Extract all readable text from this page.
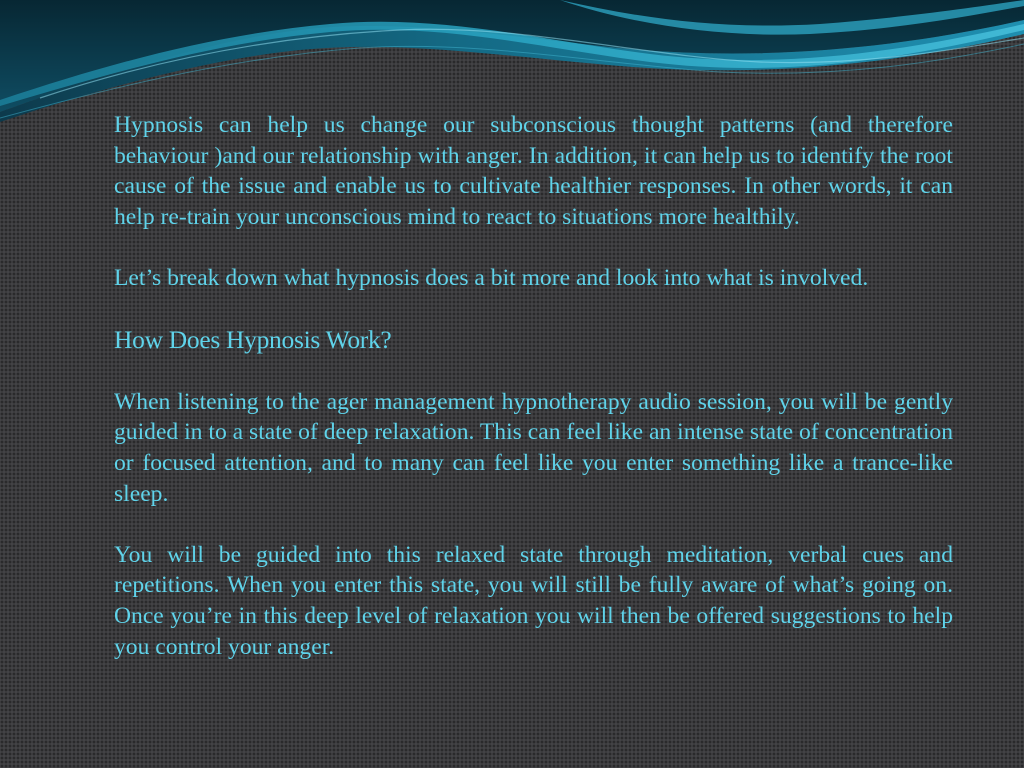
Hypnosis can help us change our subconscious thought patterns (and therefore behaviour )and our relationship with anger. In addition, it can help us to identify the root cause of the issue and enable us to cultivate healthier responses. In other words, it can help re-train your unconscious mind to react to situations more healthily.

Let’s break down what hypnosis does a bit more and look into what is involved.

How Does Hypnosis Work?

When listening to the ager management hypnotherapy audio session, you will be gently guided in to a state of deep relaxation. This can feel like an intense state of concentration or focused attention, and to many can feel like you enter something like a trance-like sleep.

You will be guided into this relaxed state through meditation, verbal cues and repetitions. When you enter this state, you will still be fully aware of what’s going on. Once you’re in this deep level of relaxation you will then be offered suggestions to help you control your anger.
